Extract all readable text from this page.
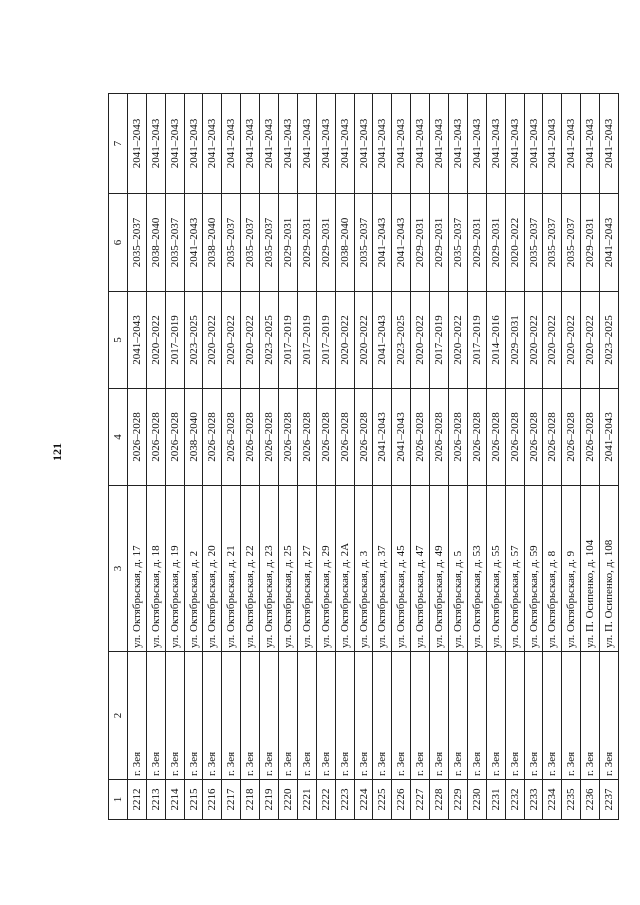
121
1	2	3	4	5	6	7
2212	г. Зея	ул. Октябрьская, д. 17	2026–2028	2041–2043	2035–2037	2041–2043
2213	г. Зея	ул. Октябрьская, д. 18	2026–2028	2020–2022	2038–2040	2041–2043
2214	г. Зея	ул. Октябрьская, д. 19	2026–2028	2017–2019	2035–2037	2041–2043
2215	г. Зея	ул. Октябрьская, д. 2	2038–2040	2023–2025	2041–2043	2041–2043
2216	г. Зея	ул. Октябрьская, д. 20	2026–2028	2020–2022	2038–2040	2041–2043
2217	г. Зея	ул. Октябрьская, д. 21	2026–2028	2020–2022	2035–2037	2041–2043
2218	г. Зея	ул. Октябрьская, д. 22	2026–2028	2020–2022	2035–2037	2041–2043
2219	г. Зея	ул. Октябрьская, д. 23	2026–2028	2023–2025	2035–2037	2041–2043
2220	г. Зея	ул. Октябрьская, д. 25	2026–2028	2017–2019	2029–2031	2041–2043
2221	г. Зея	ул. Октябрьская, д. 27	2026–2028	2017–2019	2029–2031	2041–2043
2222	г. Зея	ул. Октябрьская, д. 29	2026–2028	2017–2019	2029–2031	2041–2043
2223	г. Зея	ул. Октябрьская, д. 2А	2026–2028	2020–2022	2038–2040	2041–2043
2224	г. Зея	ул. Октябрьская, д. 3	2026–2028	2020–2022	2035–2037	2041–2043
2225	г. Зея	ул. Октябрьская, д. 37	2041–2043	2041–2043	2041–2043	2041–2043
2226	г. Зея	ул. Октябрьская, д. 45	2041–2043	2023–2025	2041–2043	2041–2043
2227	г. Зея	ул. Октябрьская, д. 47	2026–2028	2020–2022	2029–2031	2041–2043
2228	г. Зея	ул. Октябрьская, д. 49	2026–2028	2017–2019	2029–2031	2041–2043
2229	г. Зея	ул. Октябрьская, д. 5	2026–2028	2020–2022	2035–2037	2041–2043
2230	г. Зея	ул. Октябрьская, д. 53	2026–2028	2017–2019	2029–2031	2041–2043
2231	г. Зея	ул. Октябрьская, д. 55	2026–2028	2014–2016	2029–2031	2041–2043
2232	г. Зея	ул. Октябрьская, д. 57	2026–2028	2029–2031	2020–2022	2041–2043
2233	г. Зея	ул. Октябрьская, д. 59	2026–2028	2020–2022	2035–2037	2041–2043
2234	г. Зея	ул. Октябрьская, д. 8	2026–2028	2020–2022	2035–2037	2041–2043
2235	г. Зея	ул. Октябрьская, д. 9	2026–2028	2020–2022	2035–2037	2041–2043
2236	г. Зея	ул. П. Осипенко, д. 104	2026–2028	2020–2022	2029–2031	2041–2043
2237	г. Зея	ул. П. Осипенко, д. 108	2041–2043	2023–2025	2041–2043	2041–2043
